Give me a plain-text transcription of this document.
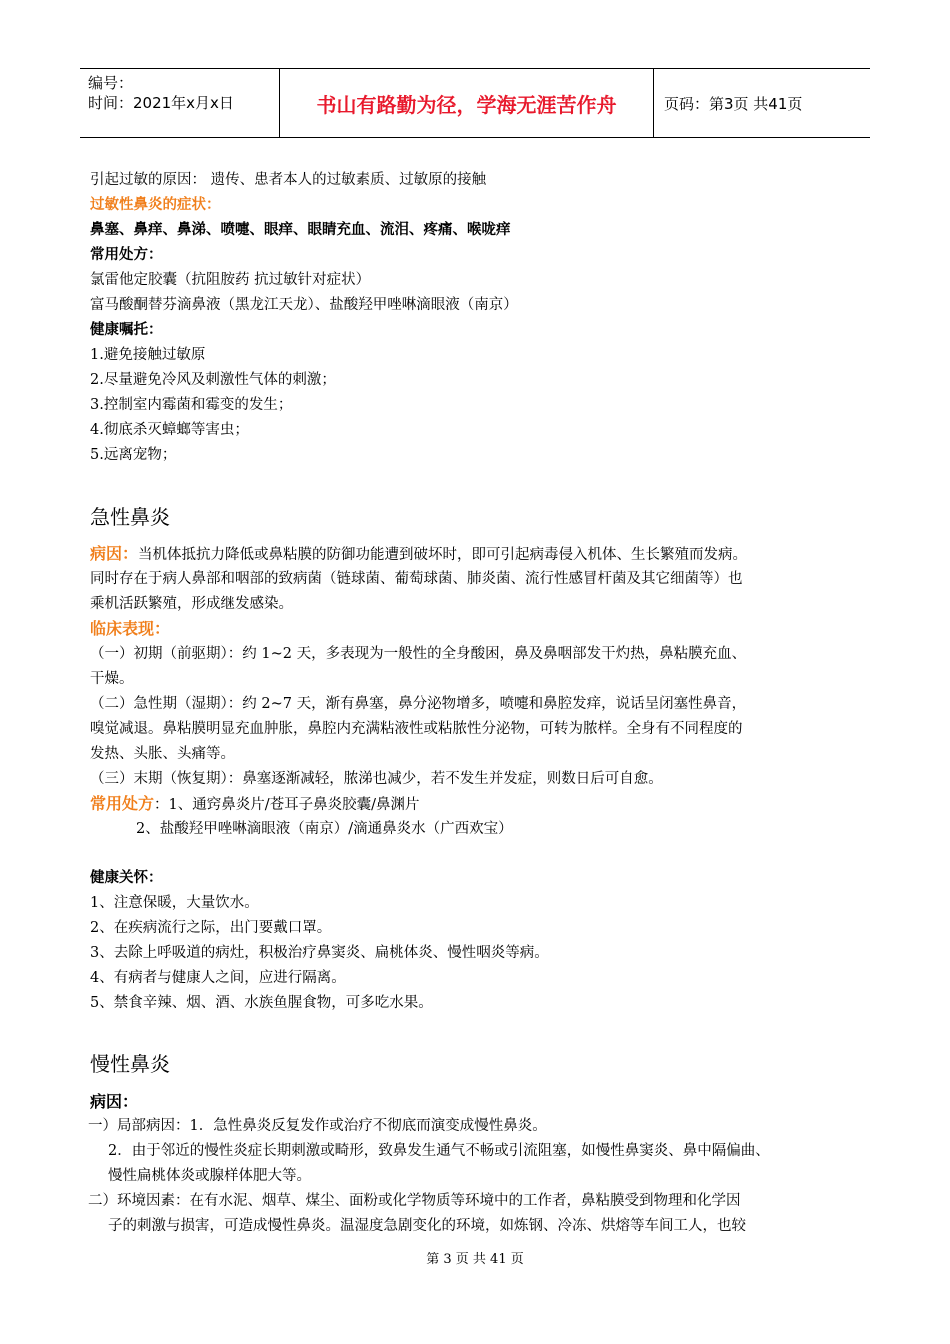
编号：
时间：2021年x月x日	书山有路勤为径，学海无涯苦作舟	页码：第3页 共41页
引起过敏的原因： 遗传、患者本人的过敏素质、过敏原的接触
过敏性鼻炎的症状：
鼻塞、鼻痒、鼻涕、喷嚏、眼痒、眼睛充血、流泪、疼痛、喉咙痒
常用处方：
氯雷他定胶囊（抗阻胺药 抗过敏针对症状）
富马酸酮替芬滴鼻液（黑龙江天龙）、盐酸羟甲唑啉滴眼液（南京）
健康嘱托：
1.避免接触过敏原
2.尽量避免冷风及刺激性气体的刺激；
3.控制室内霉菌和霉变的发生；
4.彻底杀灭蟑螂等害虫；
5.远离宠物；
急性鼻炎
病因：当机体抵抗力降低或鼻粘膜的防御功能遭到破坏时，即可引起病毒侵入机体、生长繁殖而发病。
同时存在于病人鼻部和咽部的致病菌（链球菌、葡萄球菌、肺炎菌、流行性感冒杆菌及其它细菌等）也
乘机活跃繁殖，形成继发感染。
临床表现：
（一）初期（前驱期）：约 1~2 天，多表现为一般性的全身酸困，鼻及鼻咽部发干灼热，鼻粘膜充血、
干燥。
（二）急性期（湿期）：约 2~7 天，渐有鼻塞，鼻分泌物增多，喷嚏和鼻腔发痒，说话呈闭塞性鼻音，
嗅觉减退。鼻粘膜明显充血肿胀，鼻腔内充满粘液性或粘脓性分泌物，可转为脓样。全身有不同程度的
发热、头胀、头痛等。
（三）末期（恢复期）：鼻塞逐渐减轻，脓涕也减少，若不发生并发症，则数日后可自愈。
常用处方：1、通窍鼻炎片/苍耳子鼻炎胶囊/鼻渊片
2、盐酸羟甲唑啉滴眼液（南京）/滴通鼻炎水（广西欢宝）
健康关怀：
1、注意保暖，大量饮水。
2、在疾病流行之际，出门要戴口罩。
3、去除上呼吸道的病灶，积极治疗鼻窦炎、扁桃体炎、慢性咽炎等病。
4、有病者与健康人之间，应进行隔离。
5、禁食辛辣、烟、酒、水族鱼腥食物，可多吃水果。
慢性鼻炎
病因：
一）局部病因：1．急性鼻炎反复发作或治疗不彻底而演变成慢性鼻炎。
2．由于邻近的慢性炎症长期刺激或畸形，致鼻发生通气不畅或引流阻塞，如慢性鼻窦炎、鼻中隔偏曲、
慢性扁桃体炎或腺样体肥大等。
二）环境因素：在有水泥、烟草、煤尘、面粉或化学物质等环境中的工作者，鼻粘膜受到物理和化学因
子的刺激与损害，可造成慢性鼻炎。温湿度急剧变化的环境，如炼钢、冷冻、烘熔等车间工人，也较
第 3 页 共 41 页
